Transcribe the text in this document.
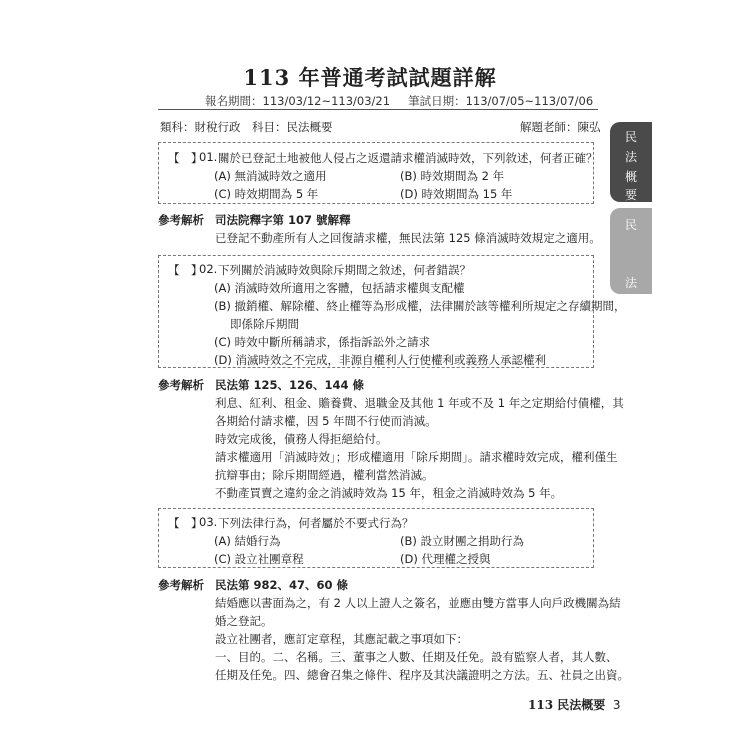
113 年普通考試試題詳解
報名期間：113/03/12~113/03/21 筆試日期：113/07/05~113/07/06
類科：財稅行政　科目：民法概要	解題老師：陳弘
民
法
概
要
民
法
【　】
01. 關於已登記土地被他人侵占之返還請求權消滅時效，下列敘述，何者正確？
(A) 無消滅時效之適用	(B) 時效期間為 2 年
(C) 時效期間為 5 年	(D) 時效期間為 15 年
參考解析 司法院釋字第 107 號解釋
已登記不動產所有人之回復請求權，無民法第 125 條消滅時效規定之適用。
【　】
02. 下列關於消滅時效與除斥期間之敘述，何者錯誤？
(A) 消滅時效所適用之客體，包括請求權與支配權
(B) 撤銷權、解除權、終止權等為形成權，法律關於該等權利所規定之存續期間，
即係除斥期間
(C) 時效中斷所稱請求，係指訴訟外之請求
(D) 消滅時效之不完成，非源自權利人行使權利或義務人承認權利
參考解析 民法第 125、126、144 條
利息、紅利、租金、贍養費、退職金及其他 1 年或不及 1 年之定期給付債權，其
各期給付請求權，因 5 年間不行使而消滅。
時效完成後，債務人得拒絕給付。
請求權適用「消滅時效」；形成權適用「除斥期間」。請求權時效完成，權利僅生
抗辯事由；除斥期間經過，權利當然消滅。
不動產買賣之違約金之消滅時效為 15 年，租金之消滅時效為 5 年。
【　】
03. 下列法律行為，何者屬於不要式行為？
(A) 結婚行為	(B) 設立財團之捐助行為
(C) 設立社團章程	(D) 代理權之授與
參考解析 民法第 982、47、60 條
結婚應以書面為之，有 2 人以上證人之簽名，並應由雙方當事人向戶政機關為結
婚之登記。
設立社團者，應訂定章程，其應記載之事項如下：
一、目的。二、名稱。三、董事之人數、任期及任免。設有監察人者，其人數、
任期及任免。四、總會召集之條件、程序及其決議證明之方法。五、社員之出資。
113 民法概要 3
